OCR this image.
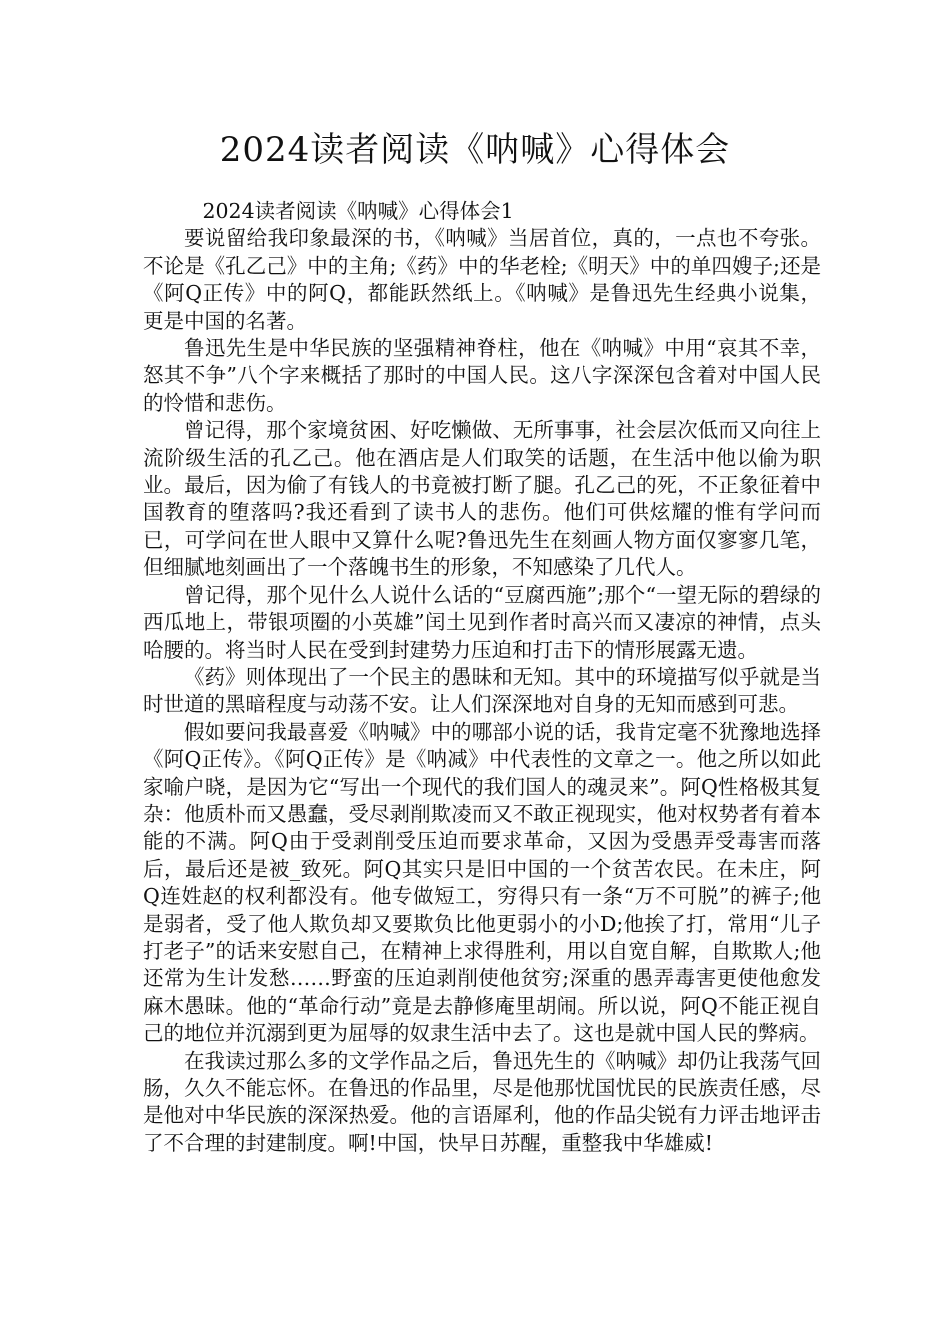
2024读者阅读《呐喊》心得体会

2024读者阅读《呐喊》心得体会1

要说留给我印象最深的书，《呐喊》当居首位，真的，一点也不夸张。不论是《孔乙己》中的主角;《药》中的华老栓;《明天》中的单四嫂子;还是《阿Q正传》中的阿Q，都能跃然纸上。《呐喊》是鲁迅先生经典小说集，更是中国的名著。

鲁迅先生是中华民族的坚强精神脊柱，他在《呐喊》中用“哀其不幸，怒其不争”八个字来概括了那时的中国人民。这八字深深包含着对中国人民的怜惜和悲伤。

曾记得，那个家境贫困、好吃懒做、无所事事，社会层次低而又向往上流阶级生活的孔乙己。他在酒店是人们取笑的话题，在生活中他以偷为职业。最后，因为偷了有钱人的书竟被打断了腿。孔乙己的死，不正象征着中国教育的堕落吗?我还看到了读书人的悲伤。他们可供炫耀的惟有学问而已，可学问在世人眼中又算什么呢?鲁迅先生在刻画人物方面仅寥寥几笔，但细腻地刻画出了一个落魄书生的形象，不知感染了几代人。

曾记得，那个见什么人说什么话的“豆腐西施”;那个“一望无际的碧绿的西瓜地上，带银项圈的小英雄”闰土见到作者时高兴而又凄凉的神情，点头哈腰的。将当时人民在受到封建势力压迫和打击下的情形展露无遗。

《药》则体现出了一个民主的愚昧和无知。其中的环境描写似乎就是当时世道的黑暗程度与动荡不安。让人们深深地对自身的无知而感到可悲。

假如要问我最喜爱《呐喊》中的哪部小说的话，我肯定毫不犹豫地选择《阿Q正传》。《阿Q正传》是《呐减》中代表性的文章之一。他之所以如此家喻户晓，是因为它“写出一个现代的我们国人的魂灵来”。阿Q性格极其复杂：他质朴而又愚蠢，受尽剥削欺凌而又不敢正视现实，他对权势者有着本能的不满。阿Q由于受剥削受压迫而要求革命，又因为受愚弄受毒害而落后，最后还是被_致死。阿Q其实只是旧中国的一个贫苦农民。在未庄，阿Q连姓赵的权利都没有。他专做短工，穷得只有一条“万不可脱”的裤子;他是弱者，受了他人欺负却又要欺负比他更弱小的小D;他挨了打，常用“儿子打老子”的话来安慰自己，在精神上求得胜利，用以自宽自解，自欺欺人;他还常为生计发愁……野蛮的压迫剥削使他贫穷;深重的愚弄毒害更使他愈发麻木愚昧。他的“革命行动”竟是去静修庵里胡闹。所以说，阿Q不能正视自己的地位并沉溺到更为屈辱的奴隶生活中去了。这也是就中国人民的弊病。

在我读过那么多的文学作品之后，鲁迅先生的《呐喊》却仍让我荡气回肠，久久不能忘怀。在鲁迅的作品里，尽是他那忧国忧民的民族责任感，尽是他对中华民族的深深热爱。他的言语犀利，他的作品尖锐有力评击地评击了不合理的封建制度。啊!中国，快早日苏醒，重整我中华雄威!
